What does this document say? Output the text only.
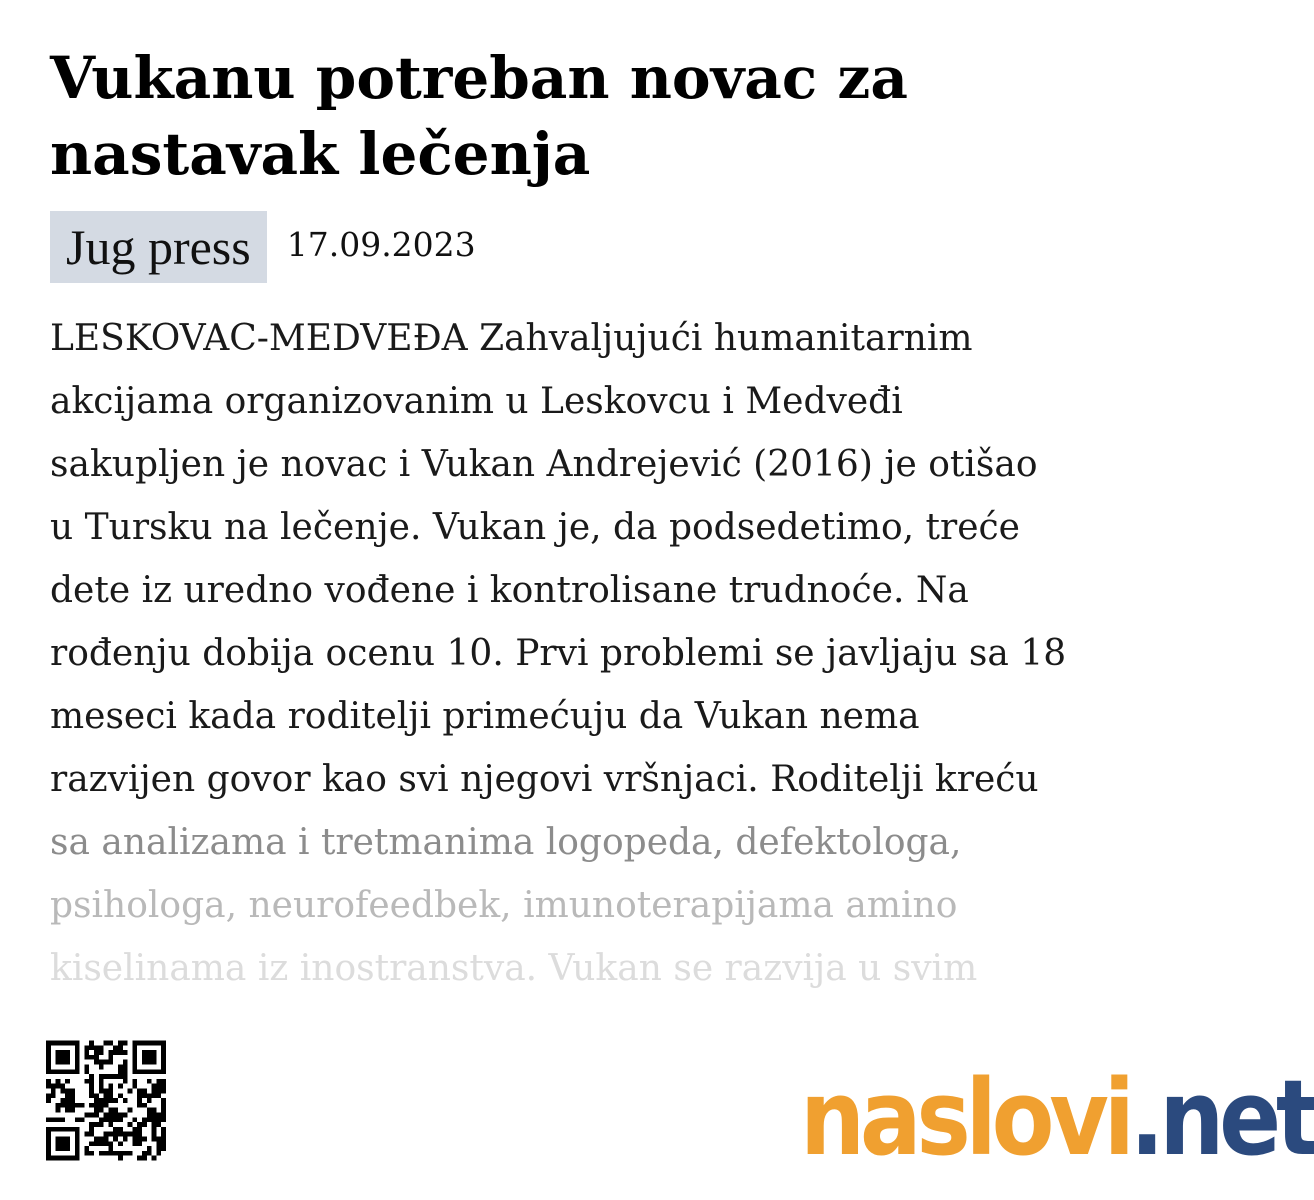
Vukanu potreban novac za nastavak lečenja
Jug press	17.09.2023
LESKOVAC-MEDVEĐA Zahvaljujući humanitarnim
akcijama organizovanim u Leskovcu i Medveđi
sakupljen je novac i Vukan Andrejević (2016) je otišao
u Tursku na lečenje. Vukan je, da podsedetimo, treće
dete iz uredno vođene i kontrolisane trudnoće. Na
rođenju dobija ocenu 10. Prvi problemi se javljaju sa 18
meseci kada roditelji primećuju da Vukan nema
razvijen govor kao svi njegovi vršnjaci. Roditelji kreću
sa analizama i tretmanima logopeda, defektologa,
psihologa, neurofeedbek, imunoterapijama amino
kiselinama iz inostranstva. Vukan se razvija u svim
naslovi .net
